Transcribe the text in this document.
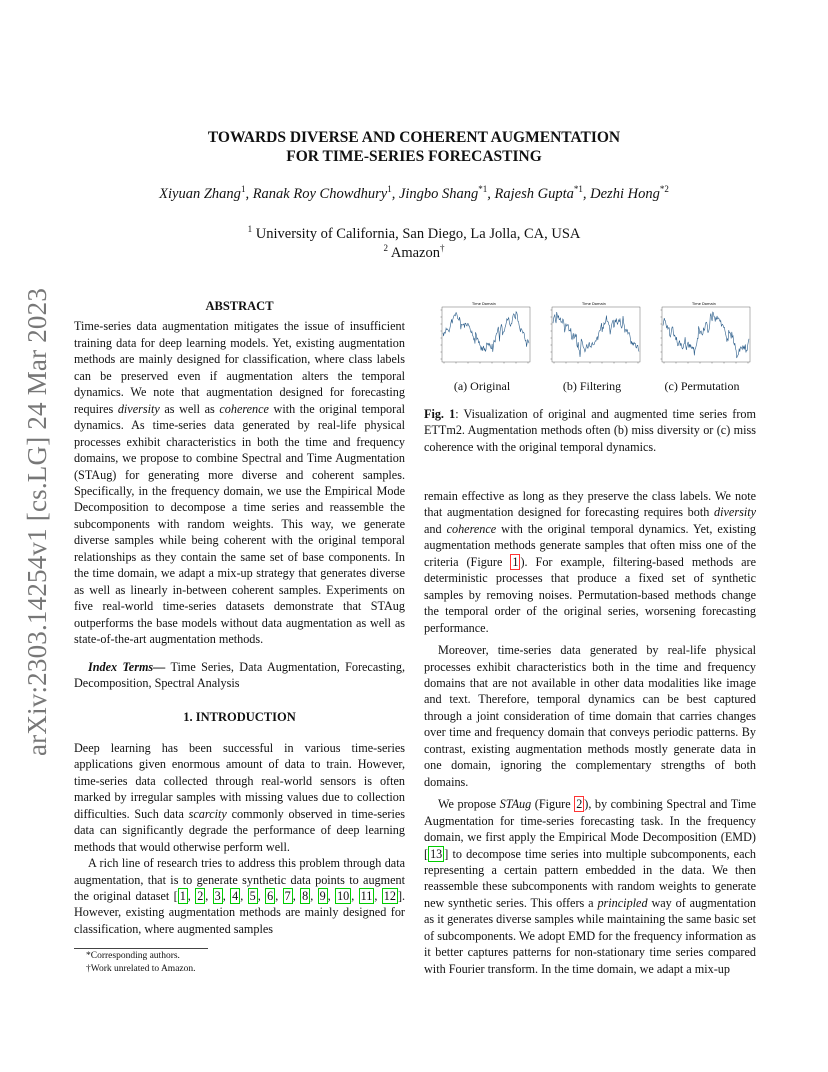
arXiv:2303.14254v1 [cs.LG] 24 Mar 2023
TOWARDS DIVERSE AND COHERENT AUGMENTATION
FOR TIME-SERIES FORECASTING
Xiyuan Zhang$^1$, Ranak Roy Chowdhury$^1$, Jingbo Shang$^{*1}$, Rajesh Gupta$^{*1}$, Dezhi Hong$^{*2}$
$^1$ University of California, San Diego, La Jolla, CA, USA
$^2$ Amazon†

ABSTRACT

Time-series data augmentation mitigates the issue of insufficient training data for deep learning models. Yet, existing augmentation methods are mainly designed for classification, where class labels can be preserved even if augmentation alters the temporal dynamics. We note that augmentation designed for forecasting requires diversity as well as coherence with the original temporal dynamics. As time-series data generated by real-life physical processes exhibit characteristics in both the time and frequency domains, we propose to combine Spectral and Time Augmentation (STAug) for generating more diverse and coherent samples. Specifically, in the frequency domain, we use the Empirical Mode Decomposition to decompose a time series and reassemble the subcomponents with random weights. This way, we generate diverse samples while being coherent with the original temporal relationships as they contain the same set of base components. In the time domain, we adapt a mix-up strategy that generates diverse as well as linearly in-between coherent samples. Experiments on five real-world time-series datasets demonstrate that STAug outperforms the base models without data augmentation as well as state-of-the-art augmentation methods.

Index Terms— Time Series, Data Augmentation, Forecasting, Decomposition, Spectral Analysis

1. INTRODUCTION

Deep learning has been successful in various time-series applications given enormous amount of data to train. However, time-series data collected through real-world sensors is often marked by irregular samples with missing values due to collection difficulties. Such data scarcity commonly observed in time-series data can significantly degrade the performance of deep learning methods that would otherwise perform well.

A rich line of research tries to address this problem through data augmentation, that is to generate synthetic data points to augment the original dataset [ 1 , 2 , 3 , 4 , 5 , 6 , 7 , 8 , 9 , 10 , 11 , 12 ]. However, existing augmentation methods are mainly designed for classification, where augmented samples

*Corresponding authors.
†Work unrelated to Amazon.
Time Domain	Time Domain	Time Domain
(a) Original	(b) Filtering	(c) Permutation
Fig. 1: Visualization of original and augmented time series from ETTm2. Augmentation methods often (b) miss diversity or (c) miss coherence with the original temporal dynamics.

remain effective as long as they preserve the class labels. We note that augmentation designed for forecasting requires both diversity and coherence with the original temporal dynamics. Yet, existing augmentation methods generate samples that often miss one of the criteria (Figure 1 ). For example, filtering-based methods are deterministic processes that produce a fixed set of synthetic samples by removing noises. Permutation-based methods change the temporal order of the original series, worsening forecasting performance.

Moreover, time-series data generated by real-life physical processes exhibit characteristics both in the time and frequency domains that are not available in other data modalities like image and text. Therefore, temporal dynamics can be best captured through a joint consideration of time domain that carries changes over time and frequency domain that conveys periodic patterns. By contrast, existing augmentation methods mostly generate data in one domain, ignoring the complementary strengths of both domains.

We propose STAug (Figure 2 ), by combining Spectral and Time Augmentation for time-series forecasting task. In the frequency domain, we first apply the Empirical Mode Decomposition (EMD) [ 13 ] to decompose time series into multiple subcomponents, each representing a certain pattern embedded in the data. We then reassemble these subcomponents with random weights to generate new synthetic series. This offers a principled way of augmentation as it generates diverse samples while maintaining the same basic set of subcomponents. We adopt EMD for the frequency information as it better captures patterns for non-stationary time series compared with Fourier transform. In the time domain, we adapt a mix-up
